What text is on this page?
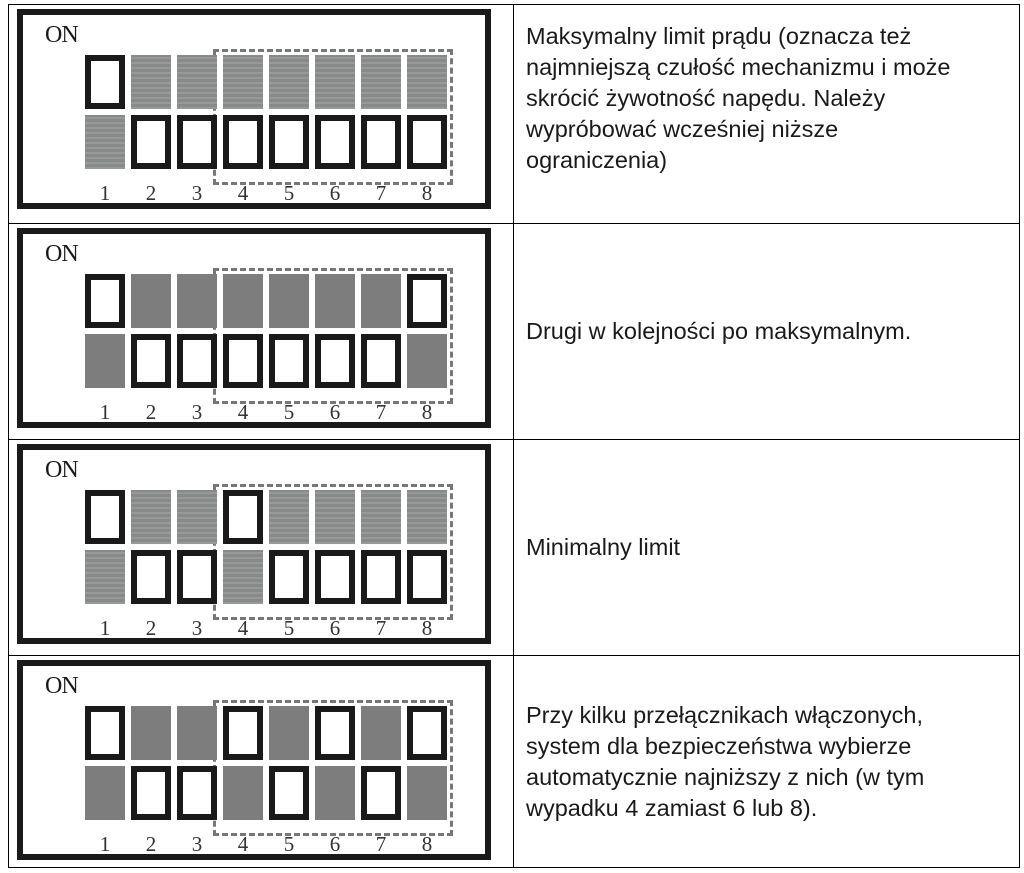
ON
1	2	3	4	5	6	7	8
Maksymalny limit prądu (oznacza też
najmniejszą czułość mechanizmu i może
skrócić żywotność napędu. Należy
wypróbować wcześniej niższe
ograniczenia)
ON
1	2	3	4	5	6	7	8
Drugi w kolejności po maksymalnym.
ON
1	2	3	4	5	6	7	8
Minimalny limit
ON
1	2	3	4	5	6	7	8
Przy kilku przełącznikach włączonych,
system dla bezpieczeństwa wybierze
automatycznie najniższy z nich (w tym
wypadku 4 zamiast 6 lub 8).
